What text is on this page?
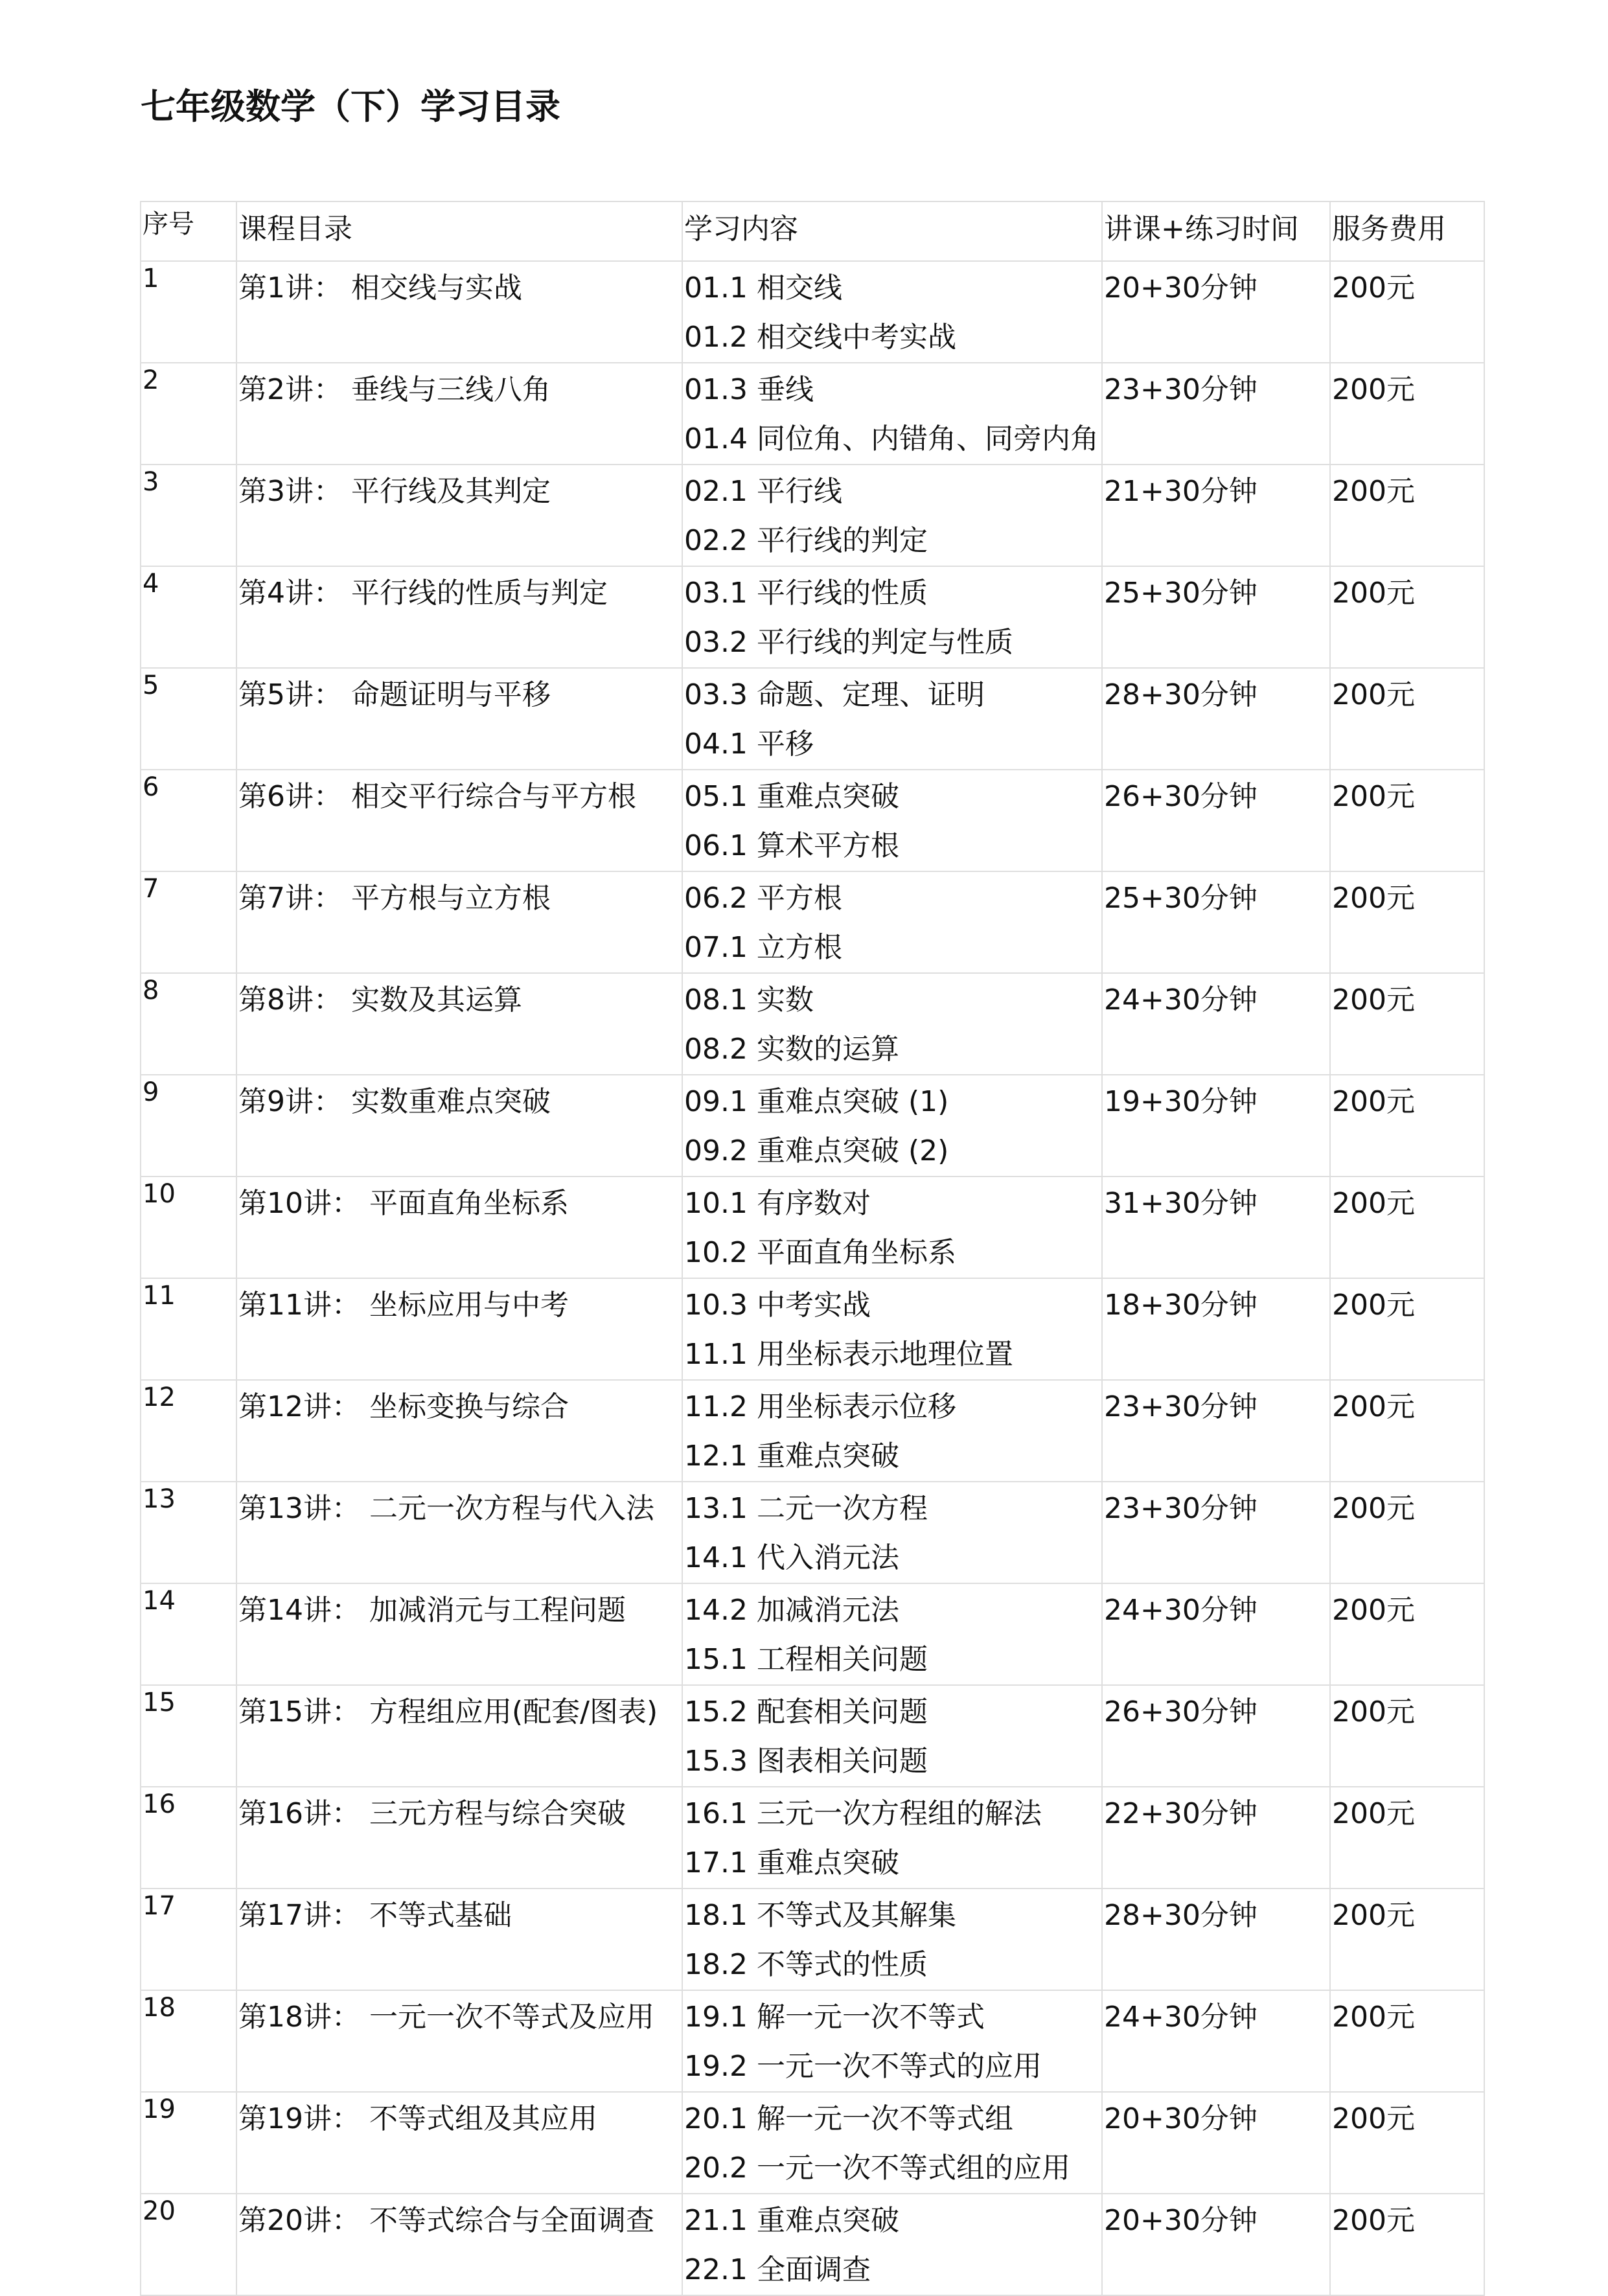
七年级数学（下）学习目录
序号	课程目录	学习内容	讲课+练习时间	服务费用
1	第1讲： 相交线与实战	01.1 相交线
01.2 相交线中考实战	20+30分钟	200元
2	第2讲： 垂线与三线八角	01.3 垂线
01.4 同位角、内错角、同旁内角	23+30分钟	200元
3	第3讲： 平行线及其判定	02.1 平行线
02.2 平行线的判定	21+30分钟	200元
4	第4讲： 平行线的性质与判定	03.1 平行线的性质
03.2 平行线的判定与性质	25+30分钟	200元
5	第5讲： 命题证明与平移	03.3 命题、定理、证明
04.1 平移	28+30分钟	200元
6	第6讲： 相交平行综合与平方根	05.1 重难点突破
06.1 算术平方根	26+30分钟	200元
7	第7讲： 平方根与立方根	06.2 平方根
07.1 立方根	25+30分钟	200元
8	第8讲： 实数及其运算	08.1 实数
08.2 实数的运算	24+30分钟	200元
9	第9讲： 实数重难点突破	09.1 重难点突破 (1)
09.2 重难点突破 (2)	19+30分钟	200元
10	第10讲： 平面直角坐标系	10.1 有序数对
10.2 平面直角坐标系	31+30分钟	200元
11	第11讲： 坐标应用与中考	10.3 中考实战
11.1 用坐标表示地理位置	18+30分钟	200元
12	第12讲： 坐标变换与综合	11.2 用坐标表示位移
12.1 重难点突破	23+30分钟	200元
13	第13讲： 二元一次方程与代入法	13.1 二元一次方程
14.1 代入消元法	23+30分钟	200元
14	第14讲： 加减消元与工程问题	14.2 加减消元法
15.1 工程相关问题	24+30分钟	200元
15	第15讲： 方程组应用(配套/图表)	15.2 配套相关问题
15.3 图表相关问题	26+30分钟	200元
16	第16讲： 三元方程与综合突破	16.1 三元一次方程组的解法
17.1 重难点突破	22+30分钟	200元
17	第17讲： 不等式基础	18.1 不等式及其解集
18.2 不等式的性质	28+30分钟	200元
18	第18讲： 一元一次不等式及应用	19.1 解一元一次不等式
19.2 一元一次不等式的应用	24+30分钟	200元
19	第19讲： 不等式组及其应用	20.1 解一元一次不等式组
20.2 一元一次不等式组的应用	20+30分钟	200元
20	第20讲： 不等式综合与全面调查	21.1 重难点突破
22.1 全面调查	20+30分钟	200元
